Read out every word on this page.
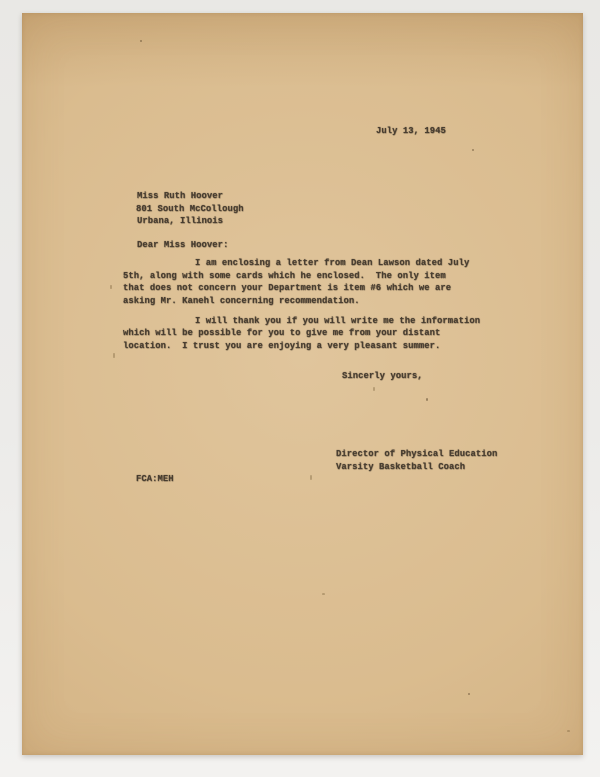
July 13, 1945
Miss Ruth Hoover
801 South McCollough
Urbana, Illinois
Dear Miss Hoover:
I am enclosing a letter from Dean Lawson dated July
5th, along with some cards which he enclosed.  The only item
that does not concern your Department is item #6 which we are
asking Mr. Kanehl concerning recommendation.
I will thank you if you will write me the information
which will be possible for you to give me from your distant
location.  I trust you are enjoying a very pleasant summer.
Sincerly yours,
Director of Physical Education
Varsity Basketball Coach
FCA:MEH
